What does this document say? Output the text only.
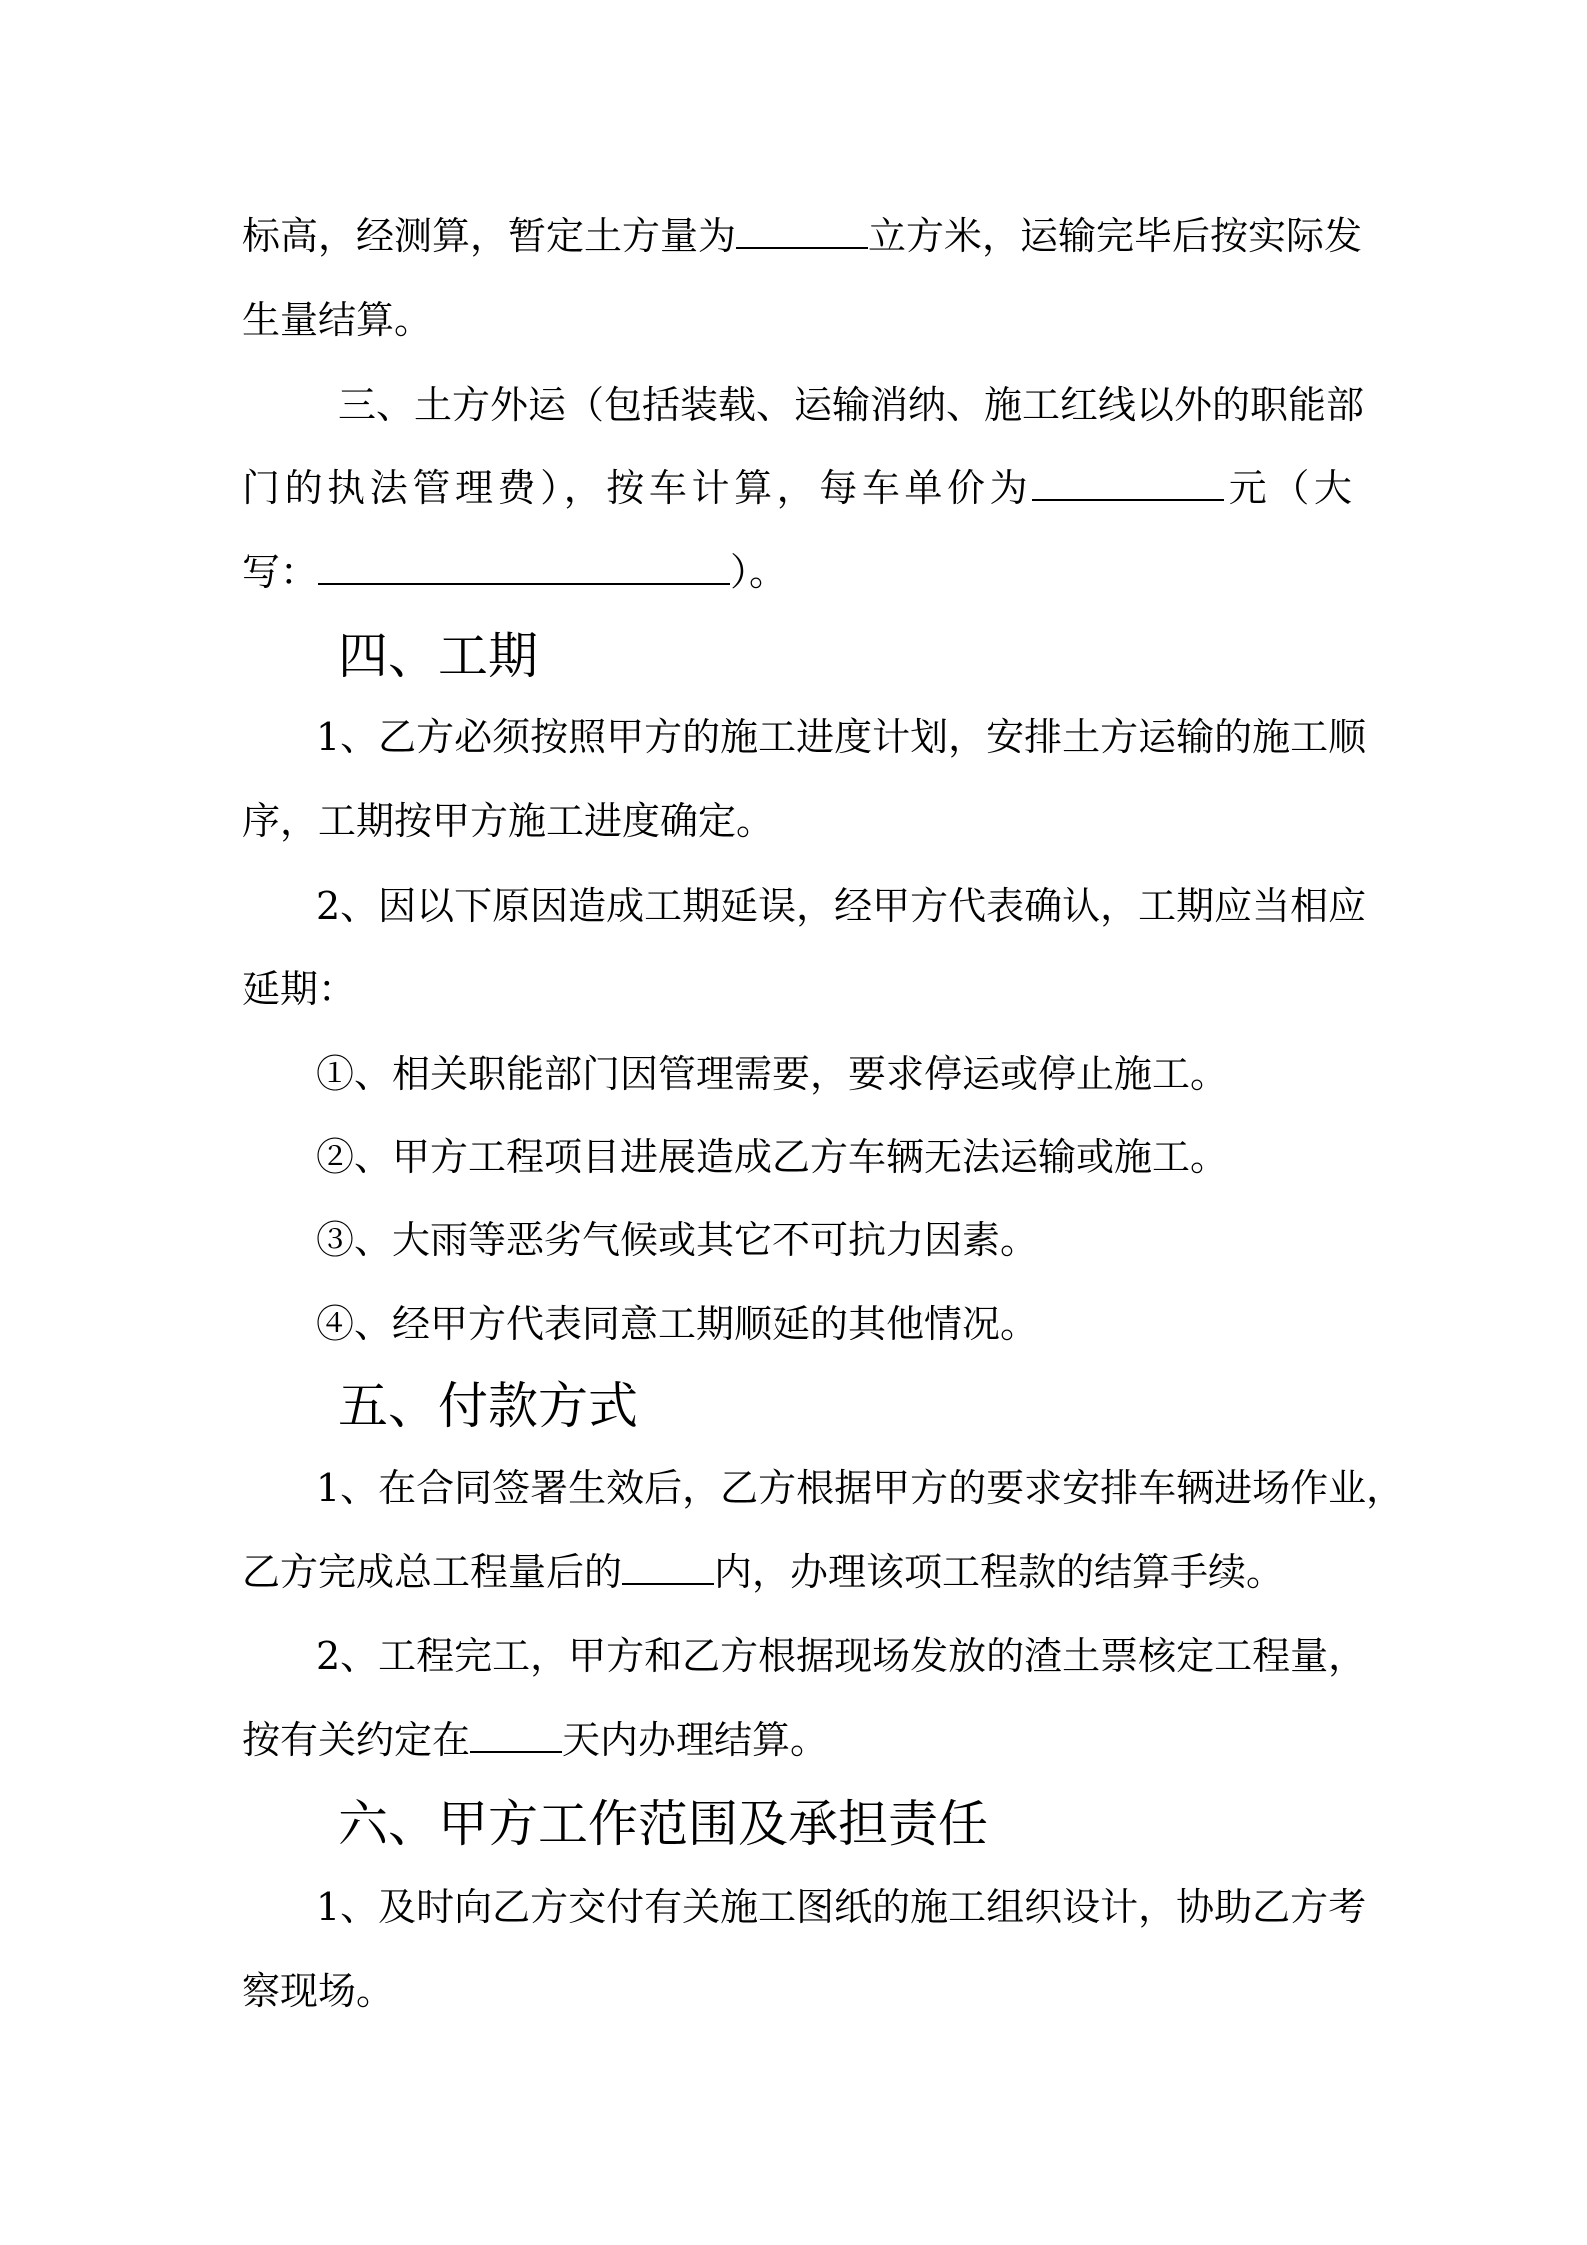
标高，经测算，暂定土方量为	立方米，运输完毕后按实际发
生量结算。
三、土方外运（包括装载、运输消纳、施工红线以外的职能部
门的执法管理费），按车计算，每车单价为	元（大
写：	）。
四、工期
1、乙方必须按照甲方的施工进度计划，安排土方运输的施工顺
序，工期按甲方施工进度确定。
2、因以下原因造成工期延误，经甲方代表确认，工期应当相应
延期：
①、相关职能部门因管理需要，要求停运或停止施工。
②、甲方工程项目进展造成乙方车辆无法运输或施工。
③、大雨等恶劣气候或其它不可抗力因素。
④、经甲方代表同意工期顺延的其他情况。
五、付款方式
1、在合同签署生效后，乙方根据甲方的要求安排车辆进场作业，
乙方完成总工程量后的 内，办理该项工程款的结算手续。
2、工程完工，甲方和乙方根据现场发放的渣土票核定工程量，
按有关约定在 天内办理结算。
六、甲方工作范围及承担责任
1、及时向乙方交付有关施工图纸的施工组织设计，协助乙方考
察现场。
